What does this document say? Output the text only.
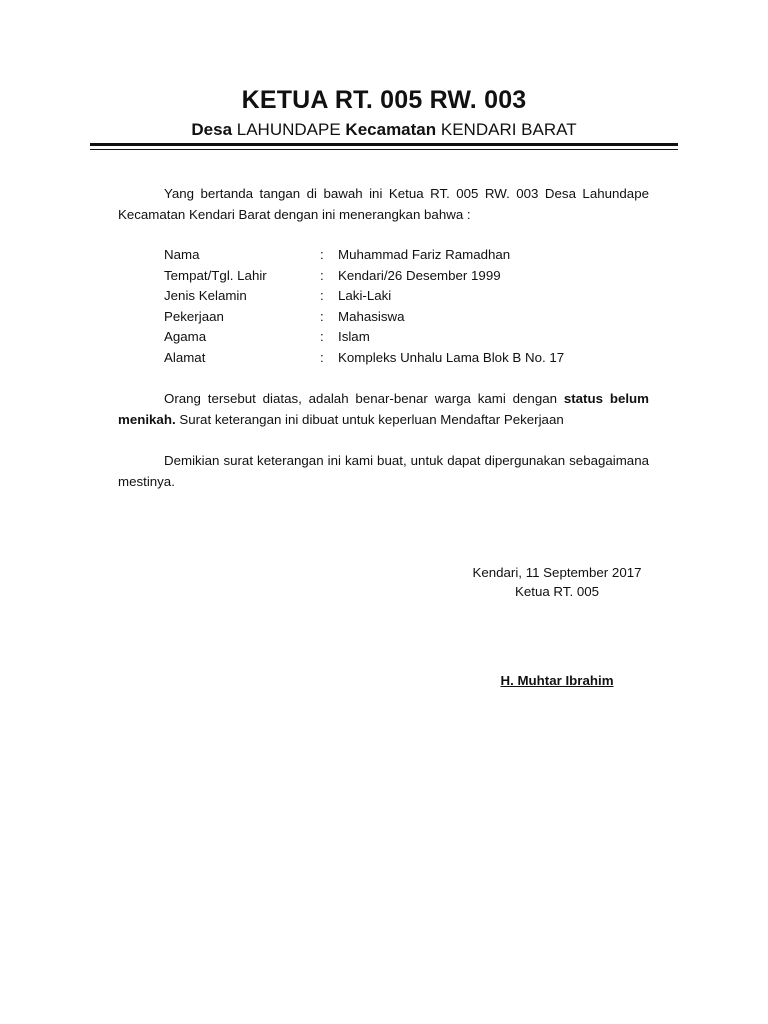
KETUA RT. 005 RW. 003
Desa LAHUNDAPE Kecamatan KENDARI BARAT
Yang bertanda tangan di bawah ini Ketua RT. 005 RW. 003 Desa Lahundape Kecamatan Kendari Barat dengan ini menerangkan bahwa :
Nama	: Muhammad Fariz Ramadhan
Tempat/Tgl. Lahir	: Kendari/26 Desember 1999
Jenis Kelamin	: Laki-Laki
Pekerjaan	: Mahasiswa
Agama	: Islam
Alamat	: Kompleks Unhalu Lama Blok B No. 17
Orang tersebut diatas, adalah benar-benar warga kami dengan status belum menikah. Surat keterangan ini dibuat untuk keperluan Mendaftar Pekerjaan
Demikian surat keterangan ini kami buat, untuk dapat dipergunakan sebagaimana mestinya.
Kendari, 11 September 2017
Ketua RT. 005
H. Muhtar Ibrahim
